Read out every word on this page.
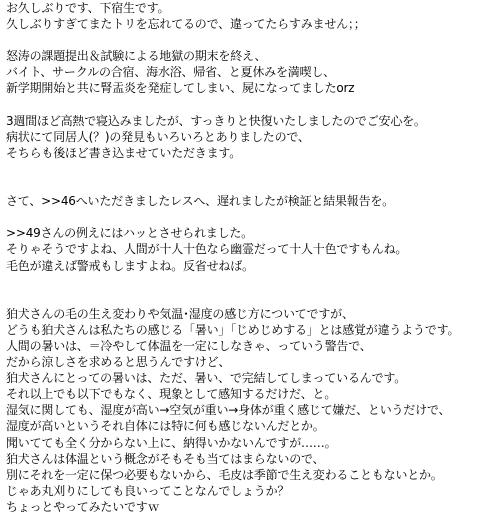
お久しぶりです、下宿生です。
久しぶりすぎてまたトリを忘れてるので、違ってたらすみません；；
怒涛の課題提出＆試験による地獄の期末を終え、
バイト、サークルの合宿、海水浴、帰省、と夏休みを満喫し、
新学期開始と共に腎盂炎を発症してしまい、屍になってましたorz
3週間ほど高熱で寝込みましたが、すっきりと快復いたしましたのでご安心を。
病状にて同居人(？)の発見もいろいろとありましたので、
そちらも後ほど書き込ませていただきます。
さて、>>46へいただきましたレスへ、遅れましたが検証と結果報告を。
>>49さんの例えにはハッとさせられました。
そりゃそうですよね、人間が十人十色なら幽霊だって十人十色ですもんね。
毛色が違えば警戒もしますよね。反省せねば。
狛犬さんの毛の生え変わりや気温･湿度の感じ方についてですが、
どうも狛犬さんは私たちの感じる「暑い」「じめじめする」とは感覚が違うようです。
人間の暑いは、＝冷やして体温を一定にしなきゃ、っていう警告で、
だから涼しさを求めると思うんですけど、
狛犬さんにとっての暑いは、ただ、暑い、で完結してしまっているんです。
それ以上でも以下でもなく、現象として感知するだけだ、と。
湿気に関しても、湿度が高い→空気が重い→身体が重く感じて嫌だ、というだけで、
湿度が高いというそれ自体には特に何も感じないんだとか。
聞いてても全く分からない上に、納得いかないんですが……。
狛犬さんは体温という概念がそもそも当てはまらないので、
別にそれを一定に保つ必要もないから、毛皮は季節で生え変わることもないとか。
じゃあ丸刈りにしても良いってことなんでしょうか？
ちょっとやってみたいですｗ
